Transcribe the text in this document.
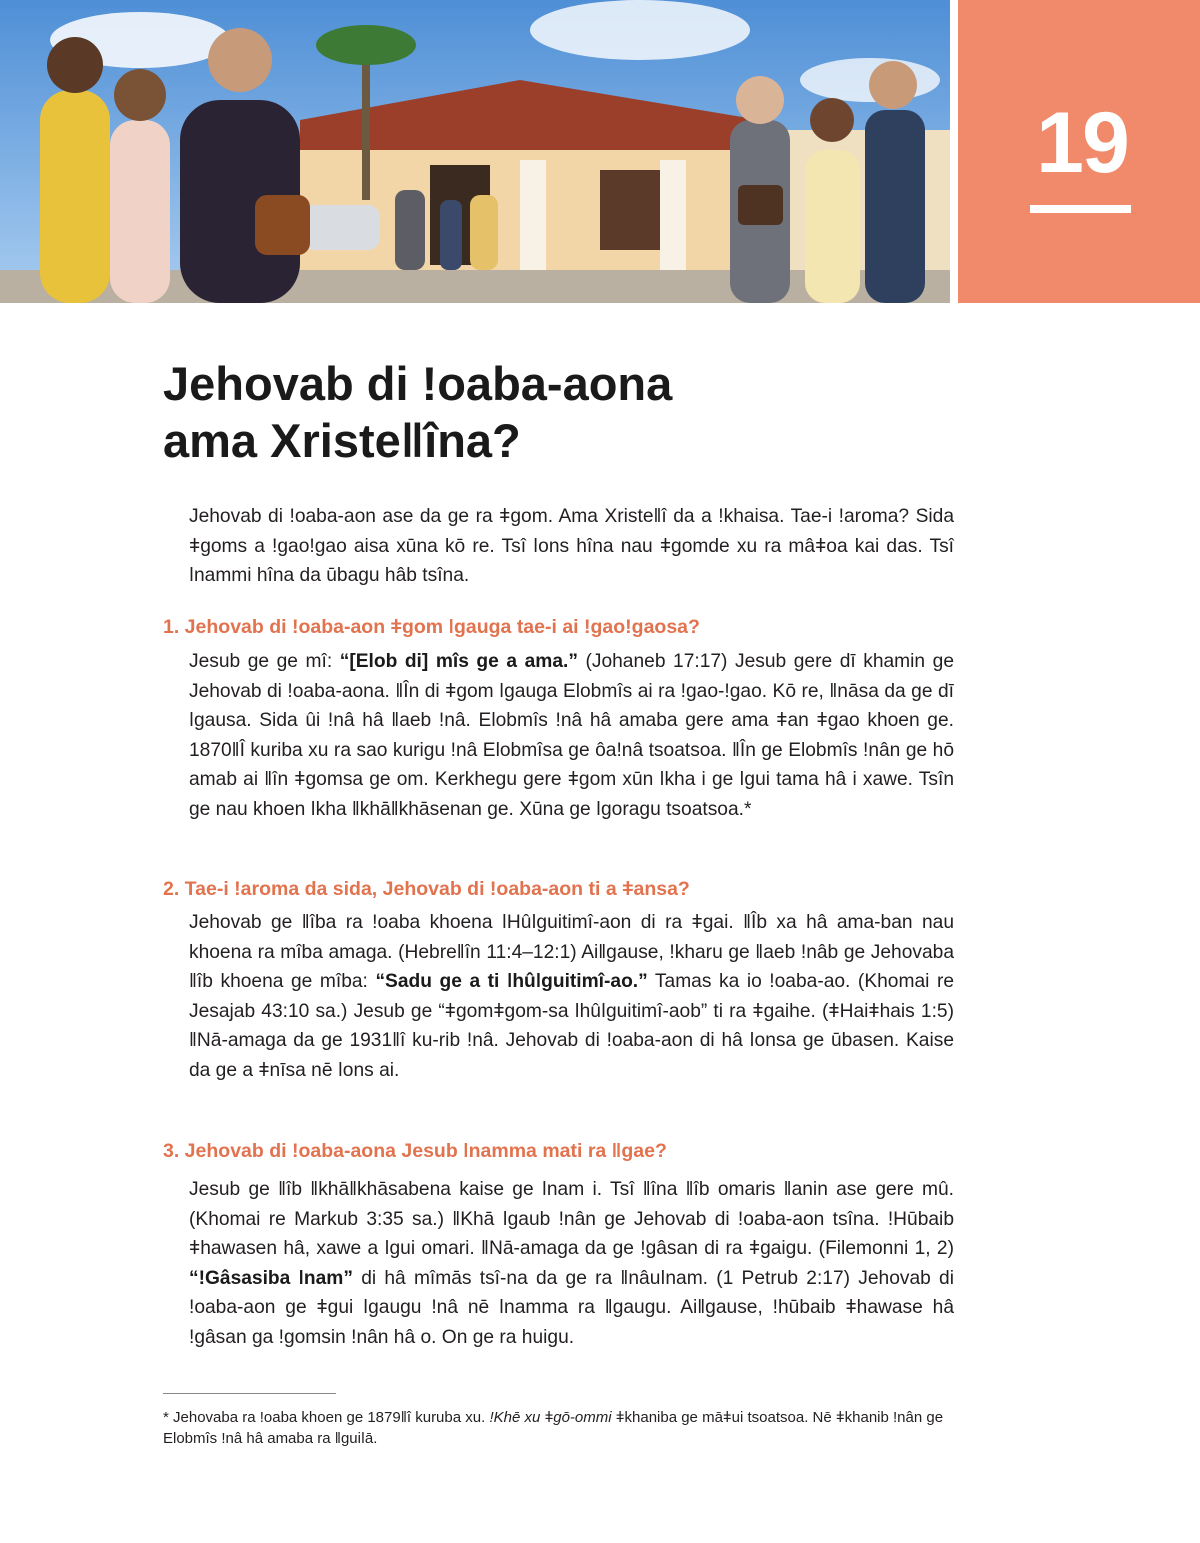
19
Jehovab di ǃoaba-aona
ama Xristeǁîna?

Jehovab di ǃoaba-aon ase da ge ra ǂgom. Ama Xristeǁî da a ǃkhaisa. Tae-i ǃaroma? Sida ǂgoms a ǃgaoǃgao aisa xūna kō re. Tsî ǀons hîna nau ǂgomde xu ra mâǂoa kai das. Tsî ǀnammi hîna da ūbagu hâb tsîna.

1. Jehovab di ǃoaba-aon ǂgom ǀgauga tae-i ai ǃgaoǃgaosa?

Jesub ge ge mî: “[Elob di] mîs ge a ama.” (Johaneb 17:17) Jesub gere dī khamin ge Jehovab di ǃoaba-aona. ǁÎn di ǂgom ǀgauga Elobmîs ai ra ǃgao-ǃgao. Kō re, ǁnāsa da ge dī ǀgausa. Sida ûi ǃnâ hâ ǁaeb ǃnâ. Elobmîs ǃnâ hâ amaba gere ama ǂan ǂgao khoen ge. 1870ǁÎ kuriba xu ra sao kurigu ǃnâ Elobmîsa ge ôaǃnâ tsoatsoa. ǁÎn ge Elobmîs ǃnân ge hō amab ai ǁîn ǂgomsa ge om. Kerkhegu gere ǂgom xūn ǀkha i ge ǀgui tama hâ i xawe. Tsîn ge nau khoen ǀkha ǁkhāǁkhāsenan ge. Xūna ge ǀgoragu tsoatsoa.*

2. Tae-i ǃaroma da sida, Jehovab di ǃoaba-aon ti a ǂansa?

Jehovab ge ǁîba ra ǃoaba khoena ǀHûǀguitimî-aon di ra ǂgai. ǁÎb xa hâ ama-ban nau khoena ra mîba amaga. (Hebreǁîn 11:4–12:1) Aiǁgause, ǃkharu ge ǁaeb ǃnâb ge Jehovaba ǁîb khoena ge mîba: “Sadu ge a ti ǀhûǀguitimî-ao.” Tamas ka io ǃoaba-ao. (Khomai re Jesajab 43:10 sa.) Jesub ge “ǂgomǂgom-sa ǀhûǀguitimî-aob” ti ra ǂgaihe. (ǂHaiǂhais 1:5) ǁNā-amaga da ge 1931ǁî ku-rib ǃnâ. Jehovab di ǃoaba-aon di hâ ǀonsa ge ūbasen. Kaise da ge a ǂnīsa nē ǀons ai.

3. Jehovab di ǃoaba-aona Jesub ǀnamma mati ra ǁgae?

Jesub ge ǁîb ǁkhāǁkhāsabena kaise ge ǀnam i. Tsî ǁîna ǁîb omaris ǁanin ase gere mû. (Khomai re Markub 3:35 sa.) ǁKhā ǀgaub ǃnân ge Jehovab di ǃoaba-aon tsîna. ǃHūbaib ǂhawasen hâ, xawe a ǀgui omari. ǁNā-amaga da ge ǃgâsan di ra ǂgaigu. (Filemonni 1, 2) “ǃGâsasiba ǀnam” di hâ mîmās tsî-na da ge ra ǁnâuǀnam. (1 Petrub 2:17) Jehovab di ǃoaba-aon ge ǂgui ǀgaugu ǃnâ nē ǀnamma ra ǁgaugu. Aiǁgause, ǃhūbaib ǂhawase hâ ǃgâsan ga ǃgomsin ǃnân hâ o. On ge ra huigu.

* Jehovaba ra ǃoaba khoen ge 1879ǁî kuruba xu. ǃKhē xu ǂgō-ommi ǂkhaniba ge māǂui tsoatsoa. Nē ǂkhanib ǃnân ge Elobmîs ǃnâ hâ amaba ra ǁguiǀā.
